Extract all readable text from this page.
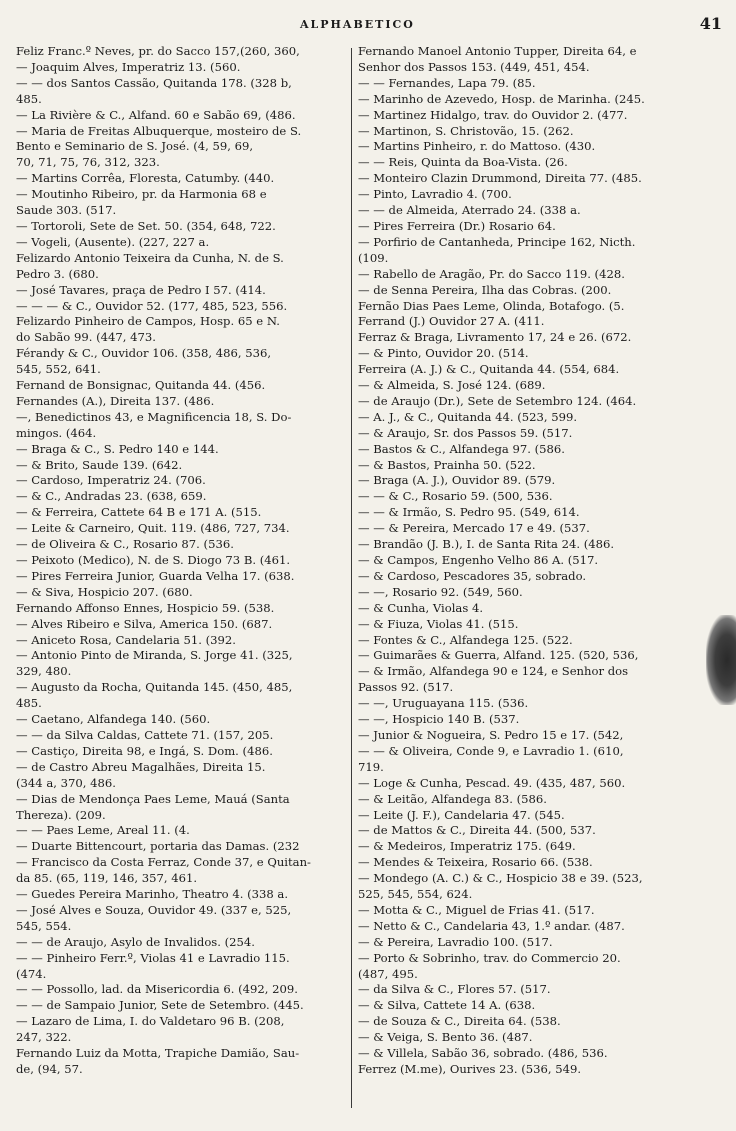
ALPHABETICO	41
Feliz Franc.º Neves, pr. do Sacco 157,(260, 360,
— Joaquim Alves, Imperatriz 13. (560.
— — dos Santos Cassão, Quitanda 178. (328 b,
485.
— La Rivière & C., Alfand. 60 e Sabão 69, (486.
— Maria de Freitas Albuquerque, mosteiro de S.
Bento e Seminario de S. José. (4, 59, 69,
70, 71, 75, 76, 312, 323.
— Martins Corrêa, Floresta, Catumby. (440.
— Moutinho Ribeiro, pr. da Harmonia 68 e
Saude 303. (517.
— Tortoroli, Sete de Set. 50. (354, 648, 722.
— Vogeli, (Ausente). (227, 227 a.
Felizardo Antonio Teixeira da Cunha, N. de S.
Pedro 3. (680.
— José Tavares, praça de Pedro I 57. (414.
— — — & C., Ouvidor 52. (177, 485, 523, 556.
Felizardo Pinheiro de Campos, Hosp. 65 e N.
do Sabão 99. (447, 473.
Férandy & C., Ouvidor 106. (358, 486, 536,
545, 552, 641.
Fernand de Bonsignac, Quitanda 44. (456.
Fernandes (A.), Direita 137. (486.
—, Benedictinos 43, e Magnificencia 18, S. Do-
mingos. (464.
— Braga & C., S. Pedro 140 e 144.
— & Brito, Saude 139. (642.
— Cardoso, Imperatriz 24. (706.
— & C., Andradas 23. (638, 659.
— & Ferreira, Cattete 64 B e 171 A. (515.
— Leite & Carneiro, Quit. 119. (486, 727, 734.
— de Oliveira & C., Rosario 87. (536.
— Peixoto (Medico), N. de S. Diogo 73 B. (461.
— Pires Ferreira Junior, Guarda Velha 17. (638.
— & Siva, Hospicio 207. (680.
Fernando Affonso Ennes, Hospicio 59. (538.
— Alves Ribeiro e Silva, America 150. (687.
— Aniceto Rosa, Candelaria 51. (392.
— Antonio Pinto de Miranda, S. Jorge 41. (325,
329, 480.
— Augusto da Rocha, Quitanda 145. (450, 485,
485.
— Caetano, Alfandega 140. (560.
— — da Silva Caldas, Cattete 71. (157, 205.
— Castiço, Direita 98, e Ingá, S. Dom. (486.
— de Castro Abreu Magalhães, Direita 15.
(344 a, 370, 486.
— Dias de Mendonça Paes Leme, Mauá (Santa
Thereza). (209.
— — Paes Leme, Areal 11. (4.
— Duarte Bittencourt, portaria das Damas. (232
— Francisco da Costa Ferraz, Conde 37, e Quitan-
da 85. (65, 119, 146, 357, 461.
— Guedes Pereira Marinho, Theatro 4. (338 a.
— José Alves e Souza, Ouvidor 49. (337 e, 525,
545, 554.
— — de Araujo, Asylo de Invalidos. (254.
— — Pinheiro Ferr.º, Violas 41 e Lavradio 115.
(474.
— — Possollo, lad. da Misericordia 6. (492, 209.
— — de Sampaio Junior, Sete de Setembro. (445.
— Lazaro de Lima, I. do Valdetaro 96 B. (208,
247, 322.
Fernando Luiz da Motta, Trapiche Damião, Sau-
de, (94, 57.
Fernando Manoel Antonio Tupper, Direita 64, e
Senhor dos Passos 153. (449, 451, 454.
— — Fernandes, Lapa 79. (85.
— Marinho de Azevedo, Hosp. de Marinha. (245.
— Martinez Hidalgo, trav. do Ouvidor 2. (477.
— Martinon, S. Christovão, 15. (262.
— Martins Pinheiro, r. do Mattoso. (430.
— — Reis, Quinta da Boa-Vista. (26.
— Monteiro Clazin Drummond, Direita 77. (485.
— Pinto, Lavradio 4. (700.
— — de Almeida, Aterrado 24. (338 a.
— Pires Ferreira (Dr.) Rosario 64.
— Porfirio de Cantanheda, Principe 162, Nicth.
(109.
— Rabello de Aragão, Pr. do Sacco 119. (428.
— de Senna Pereira, Ilha das Cobras. (200.
Fernão Dias Paes Leme, Olinda, Botafogo. (5.
Ferrand (J.) Ouvidor 27 A. (411.
Ferraz & Braga, Livramento 17, 24 e 26. (672.
— & Pinto, Ouvidor 20. (514.
Ferreira (A. J.) & C., Quitanda 44. (554, 684.
— & Almeida, S. José 124. (689.
— de Araujo (Dr.), Sete de Setembro 124. (464.
— A. J., & C., Quitanda 44. (523, 599.
— & Araujo, Sr. dos Passos 59. (517.
— Bastos & C., Alfandega 97. (586.
— & Bastos, Prainha 50. (522.
— Braga (A. J.), Ouvidor 89. (579.
— — & C., Rosario 59. (500, 536.
— — & Irmão, S. Pedro 95. (549, 614.
— — & Pereira, Mercado 17 e 49. (537.
— Brandão (J. B.), I. de Santa Rita 24. (486.
— & Campos, Engenho Velho 86 A. (517.
— & Cardoso, Pescadores 35, sobrado.
— —, Rosario 92. (549, 560.
— & Cunha, Violas 4.
— & Fiuza, Violas 41. (515.
— Fontes & C., Alfandega 125. (522.
— Guimarães & Guerra, Alfand. 125. (520, 536,
— & Irmão, Alfandega 90 e 124, e Senhor dos
Passos 92. (517.
— —, Uruguayana 115. (536.
— —, Hospicio 140 B. (537.
— Junior & Nogueira, S. Pedro 15 e 17. (542,
— — & Oliveira, Conde 9, e Lavradio 1. (610,
719.
— Loge & Cunha, Pescad. 49. (435, 487, 560.
— & Leitão, Alfandega 83. (586.
— Leite (J. F.), Candelaria 47. (545.
— de Mattos & C., Direita 44. (500, 537.
— & Medeiros, Imperatriz 175. (649.
— Mendes & Teixeira, Rosario 66. (538.
— Mondego (A. C.) & C., Hospicio 38 e 39. (523,
525, 545, 554, 624.
— Motta & C., Miguel de Frias 41. (517.
— Netto & C., Candelaria 43, 1.º andar. (487.
— & Pereira, Lavradio 100. (517.
— Porto & Sobrinho, trav. do Commercio 20.
(487, 495.
— da Silva & C., Flores 57. (517.
— & Silva, Cattete 14 A. (638.
— de Souza & C., Direita 64. (538.
— & Veiga, S. Bento 36. (487.
— & Villela, Sabão 36, sobrado. (486, 536.
Ferrez (M.me), Ourives 23. (536, 549.
